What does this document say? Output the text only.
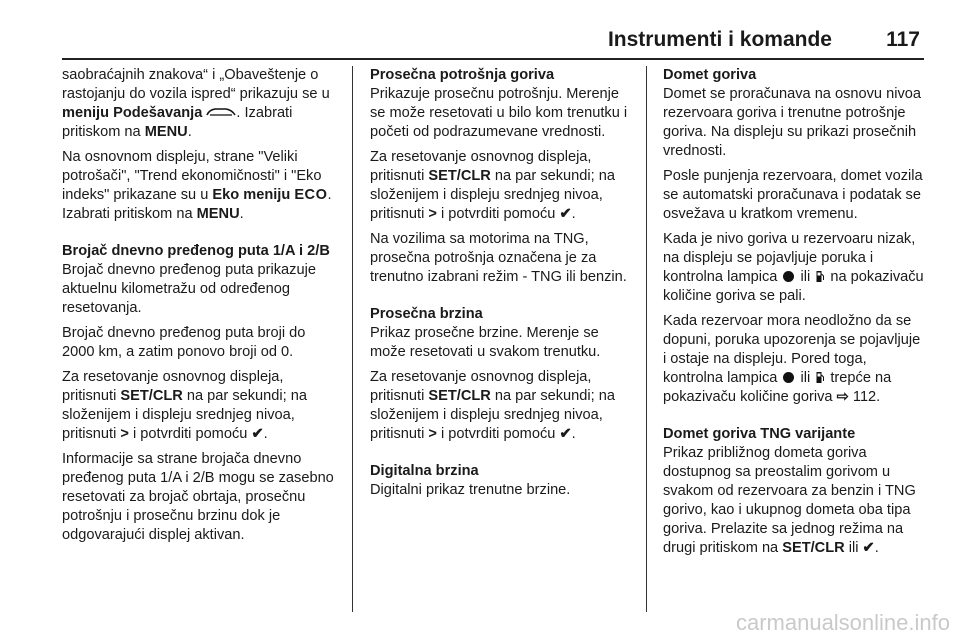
Instrumenti i komande	117

saobraćajnih znakova“ i „Obaveštenje o rastojanju do vozila ispred“ prikazuju se u meniju Podešavanja . Izabrati pritiskom na MENU.

Na osnovnom displeju, strane "Veliki potrošači", "Trend ekonomičnosti" i "Eko indeks" prikazane su u Eko meniju ECO. Izabrati pritiskom na MENU.

Brojač dnevno pređenog puta 1/A i 2/B

Brojač dnevno pređenog puta prikazuje aktuelnu kilometražu od određenog resetovanja.

Brojač dnevno pređenog puta broji do 2000 km, a zatim ponovo broji od 0.

Za resetovanje osnovnog displeja, pritisnuti SET/CLR na par sekundi; na složenijem i displeju srednjeg nivoa, pritisnuti > i potvrditi pomoću ✔.

Informacije sa strane brojača dnevno pređenog puta 1/A i 2/B mogu se zasebno resetovati za brojač obrtaja, prosečnu potrošnju i prosečnu brzinu dok je odgovarajući displej aktivan.

Prosečna potrošnja goriva

Prikazuje prosečnu potrošnju. Merenje se može resetovati u bilo kom trenutku i početi od podrazumevane vrednosti.

Za resetovanje osnovnog displeja, pritisnuti SET/CLR na par sekundi; na složenijem i displeju srednjeg nivoa, pritisnuti > i potvrditi pomoću ✔.

Na vozilima sa motorima na TNG, prosečna potrošnja označena je za trenutno izabrani režim - TNG ili benzin.

Prosečna brzina

Prikaz prosečne brzine. Merenje se može resetovati u svakom trenutku.

Za resetovanje osnovnog displeja, pritisnuti SET/CLR na par sekundi; na složenijem i displeju srednjeg nivoa, pritisnuti > i potvrditi pomoću ✔.

Digitalna brzina

Digitalni prikaz trenutne brzine.

Domet goriva

Domet se proračunava na osnovu nivoa rezervoara goriva i trenutne potrošnje goriva. Na displeju su prikazi prosečnih vrednosti.

Posle punjenja rezervoara, domet vozila se automatski proračunava i podatak se osvežava u kratkom vremenu.

Kada je nivo goriva u rezervoaru nizak, na displeju se pojavljuje poruka i kontrolna lampica ili na pokazivaču količine goriva se pali.

Kada rezervoar mora neodložno da se dopuni, poruka upozorenja se pojavljuje i ostaje na displeju. Pored toga, kontrolna lampica ili trepće na pokazivaču količine goriva ⇨ 112.

Domet goriva TNG varijante

Prikaz približnog dometa goriva dostupnog sa preostalim gorivom u svakom od rezervoara za benzin i TNG gorivo, kao i ukupnog dometa oba tipa goriva. Prelazite sa jednog režima na drugi pritiskom na SET/CLR ili ✔.

carmanualsonline.info
